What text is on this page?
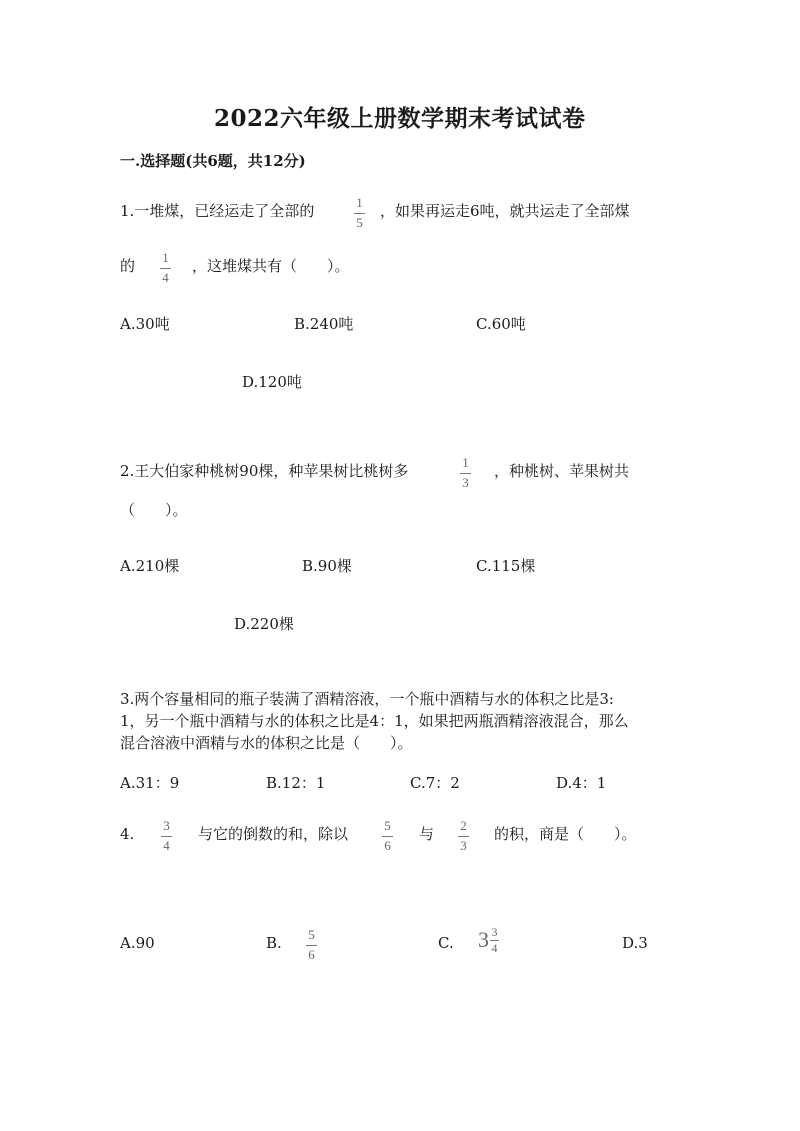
2022六年级上册数学期末考试试卷
一.选择题(共6题，共12分)
1.一堆煤，已经运走了全部的	1
5
，如果再运走6吨，就共运走了全部煤
的 1
4
，这堆煤共有（　　）。
A.30吨	B.240吨	C.60吨
D.120吨
2.王大伯家种桃树90棵，种苹果树比桃树多	1
3
，种桃树、苹果树共
（　　）。
A.210棵	B.90棵	C.115棵
D.220棵
3.两个容量相同的瓶子装满了酒精溶液，一个瓶中酒精与水的体积之比是3:
1，另一个瓶中酒精与水的体积之比是4：1，如果把两瓶酒精溶液混合，那么
混合溶液中酒精与水的体积之比是（　　）。
A.31：9	B.12：1	C.7：2	D.4：1
4. 3
4
与它的倒数的和，除以	5
6
与 2
3
的积，商是（　　）。
A.90	B. 5
6
C. $3 \frac{3}{4}$	D.3
